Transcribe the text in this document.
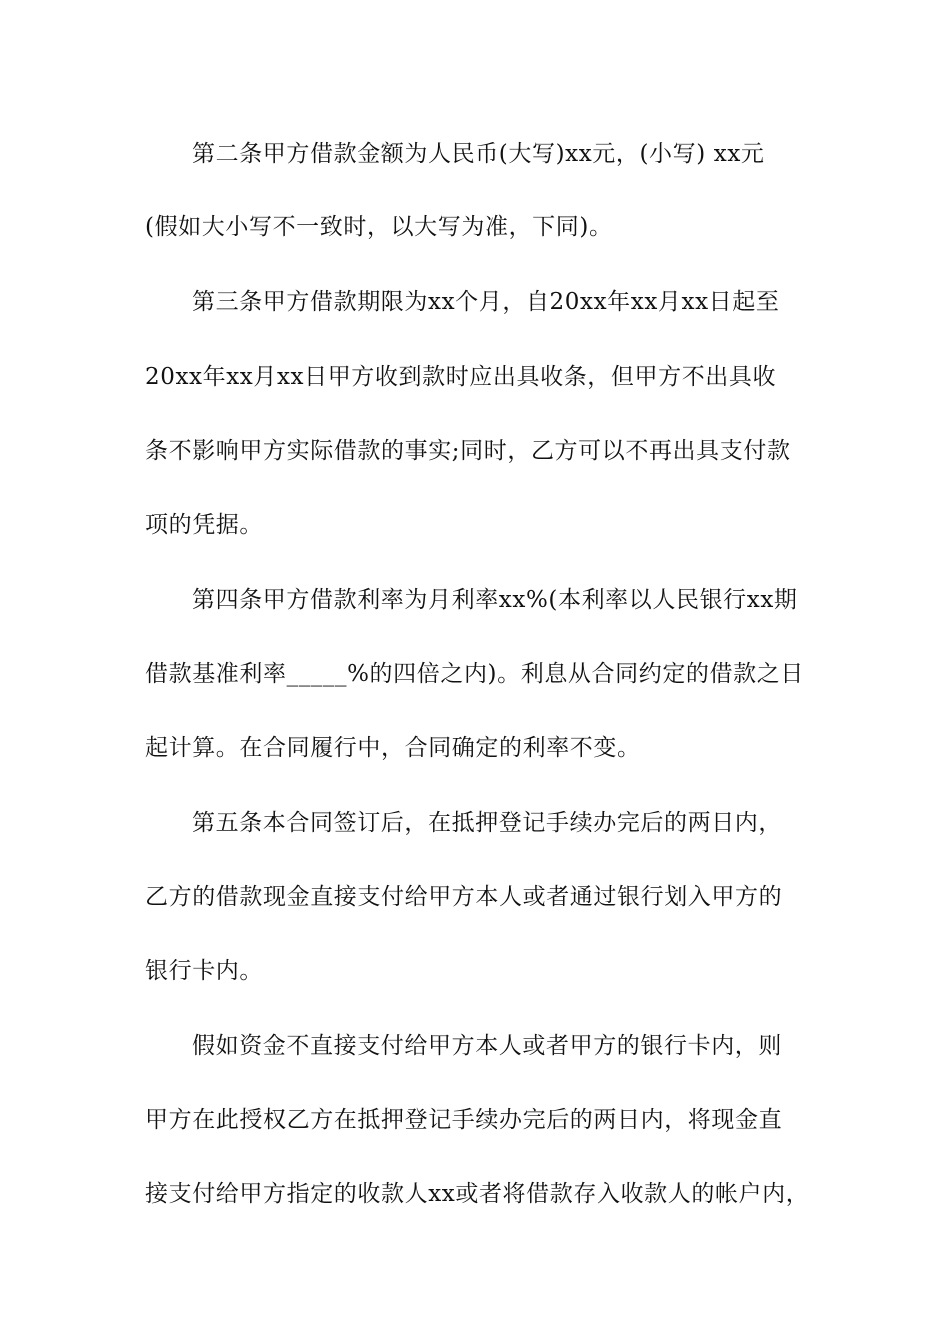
第二条甲方借款金额为人民币(大写)xx元，(小写) xx元
(假如大小写不一致时，以大写为准，下同)。
第三条甲方借款期限为xx个月，自20xx年xx月xx日起至
20xx年xx月xx日甲方收到款时应出具收条，但甲方不出具收
条不影响甲方实际借款的事实;同时，乙方可以不再出具支付款
项的凭据。
第四条甲方借款利率为月利率xx%(本利率以人民银行xx期
借款基准利率_____%的四倍之内)。利息从合同约定的借款之日
起计算。在合同履行中，合同确定的利率不变。
第五条本合同签订后，在抵押登记手续办完后的两日内，
乙方的借款现金直接支付给甲方本人或者通过银行划入甲方的
银行卡内。
假如资金不直接支付给甲方本人或者甲方的银行卡内，则
甲方在此授权乙方在抵押登记手续办完后的两日内，将现金直
接支付给甲方指定的收款人xx或者将借款存入收款人的帐户内，
